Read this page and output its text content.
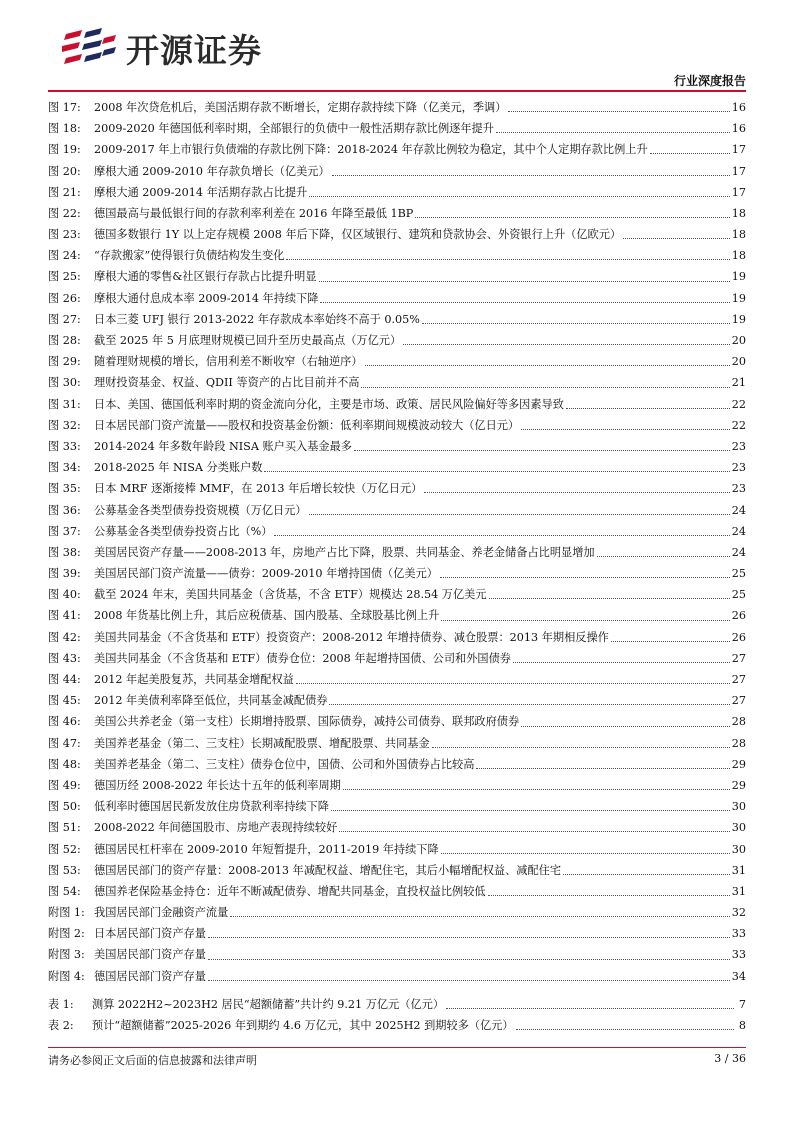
开源证券
行业深度报告
图 17:	2008 年次贷危机后，美国活期存款不断增长，定期存款持续下降（亿美元，季调）	16
图 18:	2009-2020 年德国低利率时期，全部银行的负债中一般性活期存款比例逐年提升	16
图 19:	2009-2017 年上市银行负债端的存款比例下降：2018-2024 年存款比例较为稳定，其中个人定期存款比例上升	17
图 20:	摩根大通 2009-2010 年存款负增长（亿美元）	17
图 21:	摩根大通 2009-2014 年活期存款占比提升	17
图 22:	德国最高与最低银行间的存款利率利差在 2016 年降至最低 1BP	18
图 23:	德国多数银行 1Y 以上定存规模 2008 年后下降，仅区域银行、建筑和贷款协会、外资银行上升（亿欧元）	18
图 24:	“存款搬家”使得银行负债结构发生变化	18
图 25:	摩根大通的零售&社区银行存款占比提升明显	19
图 26:	摩根大通付息成本率 2009-2014 年持续下降	19
图 27:	日本三菱 UFJ 银行 2013-2022 年存款成本率始终不高于 0.05%	19
图 28:	截至 2025 年 5 月底理财规模已回升至历史最高点（万亿元）	20
图 29:	随着理财规模的增长，信用利差不断收窄（右轴逆序）	20
图 30:	理财投资基金、权益、QDII 等资产的占比目前并不高	21
图 31:	日本、美国、德国低利率时期的资金流向分化，主要是市场、政策、居民风险偏好等多因素导致	22
图 32:	日本居民部门资产流量——股权和投资基金份额：低利率期间规模波动较大（亿日元）	22
图 33:	2014-2024 年多数年龄段 NISA 账户买入基金最多	23
图 34:	2018-2025 年 NISA 分类账户数	23
图 35:	日本 MRF 逐渐接棒 MMF，在 2013 年后增长较快（万亿日元）	23
图 36:	公募基金各类型债券投资规模（万亿日元）	24
图 37:	公募基金各类型债券投资占比（%）	24
图 38:	美国居民资产存量——2008-2013 年，房地产占比下降，股票、共同基金、养老金储备占比明显增加	24
图 39:	美国居民部门资产流量——债券：2009-2010 年增持国债（亿美元）	25
图 40:	截至 2024 年末，美国共同基金（含货基，不含 ETF）规模达 28.54 万亿美元	25
图 41:	2008 年货基比例上升，其后应税债基、国内股基、全球股基比例上升	26
图 42:	美国共同基金（不含货基和 ETF）投资资产：2008-2012 年增持债券、减仓股票：2013 年期相反操作	26
图 43:	美国共同基金（不含货基和 ETF）债券仓位：2008 年起增持国债、公司和外国债券	27
图 44:	2012 年起美股复苏，共同基金增配权益	27
图 45:	2012 年美债利率降至低位，共同基金减配债券	27
图 46:	美国公共养老金（第一支柱）长期增持股票、国际债券，减持公司债券、联邦政府债券	28
图 47:	美国养老基金（第二、三支柱）长期减配股票、增配股票、共同基金	28
图 48:	美国养老基金（第二、三支柱）债券仓位中，国债、公司和外国债券占比较高	29
图 49:	德国历经 2008-2022 年长达十五年的低利率周期	29
图 50:	低利率时德国居民新发放住房贷款利率持续下降	30
图 51:	2008-2022 年间德国股市、房地产表现持续较好	30
图 52:	德国居民杠杆率在 2009-2010 年短暂提升，2011-2019 年持续下降	30
图 53:	德国居民部门的资产存量：2008-2013 年减配权益、增配住宅，其后小幅增配权益、减配住宅	31
图 54:	德国养老保险基金持仓：近年不断减配债券、增配共同基金，直投权益比例较低	31
附图 1: 我国居民部门金融资产流量	32
附图 2: 日本居民部门资产存量	33
附图 3: 美国居民部门资产存量	33
附图 4: 德国居民部门资产存量	34
表 1:	测算 2022H2~2023H2 居民“超额储蓄”共计约 9.21 万亿元（亿元）	7
表 2:	预计“超额储蓄”2025-2026 年到期约 4.6 万亿元，其中 2025H2 到期较多（亿元）	8
请务必参阅正文后面的信息披露和法律声明	3 / 36
